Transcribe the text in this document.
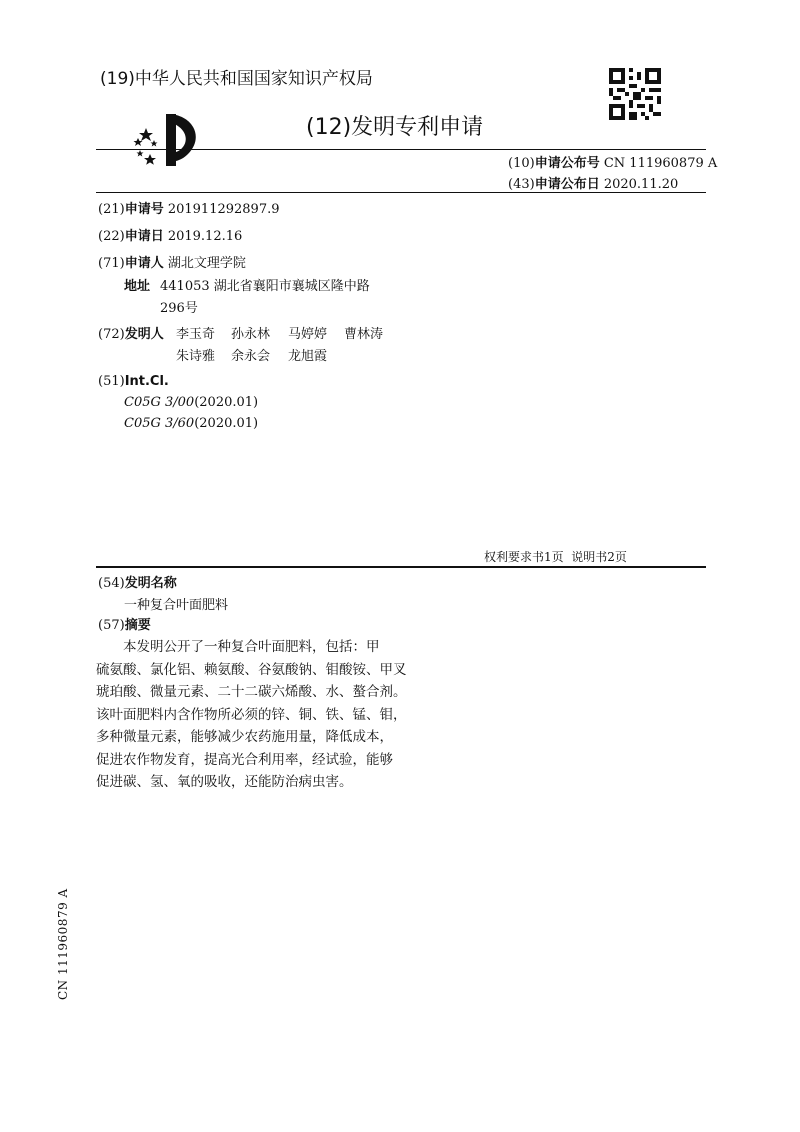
(19)中华人民共和国国家知识产权局
(12)发明专利申请
(10)申请公布号 CN 111960879 A
(43)申请公布日 2020.11.20
(21)申请号 201911292897.9
(22)申请日 2019.12.16
(71)申请人 湖北文理学院
地址 441053 湖北省襄阳市襄城区隆中路
296号
(72)发明人 李玉奇 孙永林 马婷婷 曹林涛
朱诗雅 余永会 龙旭霞
(51)Int.Cl.
C05G 3/00(2020.01)
C05G 3/60(2020.01)
权利要求书1页  说明书2页
(54)发明名称
一种复合叶面肥料
(57)摘要
本发明公开了一种复合叶面肥料，包括：甲
硫氨酸、氯化铝、赖氨酸、谷氨酸钠、钼酸铵、甲叉
琥珀酸、微量元素、二十二碳六烯酸、水、螯合剂。
该叶面肥料内含作物所必须的锌、铜、铁、锰、钼，
多种微量元素，能够减少农药施用量，降低成本，
促进农作物发育，提高光合利用率，经试验，能够
促进碳、氢、氧的吸收，还能防治病虫害。
CN 111960879 A
